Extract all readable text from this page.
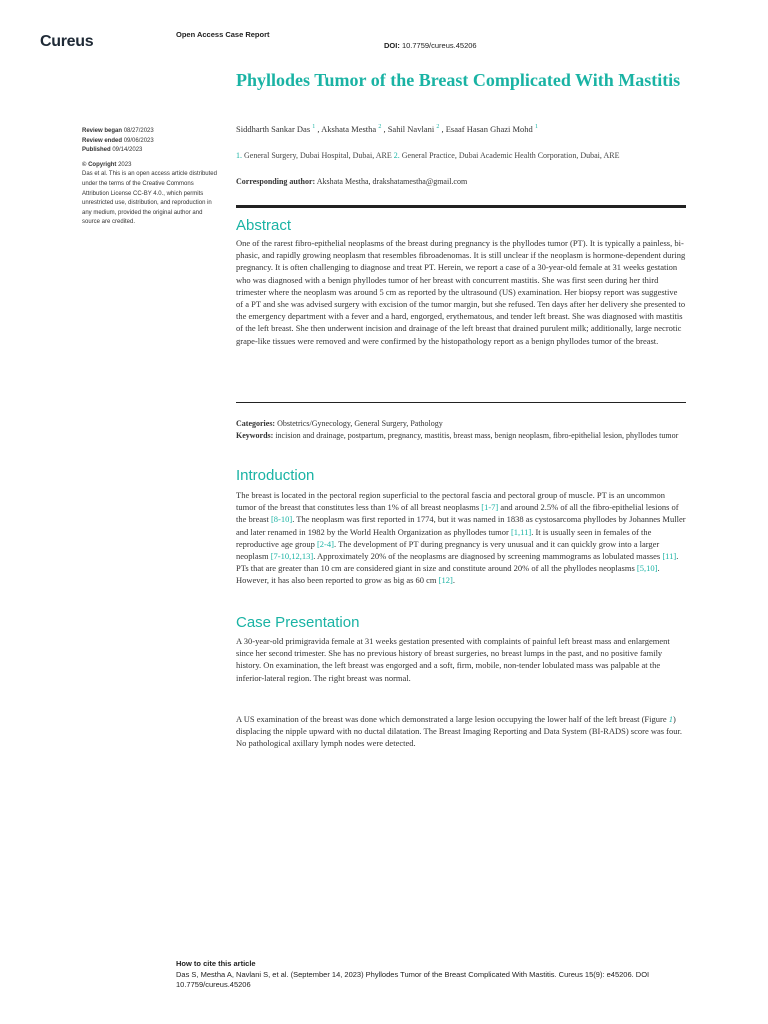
Cureus	Open Access Case Report
DOI: 10.7759/cureus.45206
Phyllodes Tumor of the Breast Complicated With Mastitis
Review began 08/27/2023
Review ended 09/06/2023
Published 09/14/2023
© Copyright 2023
Das et al. This is an open access article distributed under the terms of the Creative Commons Attribution License CC-BY 4.0., which permits unrestricted use, distribution, and reproduction in any medium, provided the original author and source are credited.
Siddharth Sankar Das $^1$ , Akshata Mestha $^2$ , Sahil Navlani $^2$ , Esaaf Hasan Ghazi Mohd $^1$
1. General Surgery, Dubai Hospital, Dubai, ARE 2. General Practice, Dubai Academic Health Corporation, Dubai, ARE
Corresponding author: Akshata Mestha, drakshatamestha@gmail.com
Abstract

One of the rarest fibro-epithelial neoplasms of the breast during pregnancy is the phyllodes tumor (PT). It is typically a painless, bi-phasic, and rapidly growing neoplasm that resembles fibroadenomas. It is still unclear if the neoplasm is hormone-dependent during pregnancy. It is often challenging to diagnose and treat PT. Herein, we report a case of a 30-year-old female at 31 weeks gestation who was diagnosed with a benign phyllodes tumor of her breast with concurrent mastitis. She was first seen during her third trimester where the neoplasm was around 5 cm as reported by the ultrasound (US) examination. Her biopsy report was suggestive of a PT and she was advised surgery with excision of the tumor margin, but she refused. Ten days after her delivery she presented to the emergency department with a fever and a hard, engorged, erythematous, and tender left breast. She was diagnosed with mastitis of the left breast. She then underwent incision and drainage of the left breast that drained purulent milk; additionally, large necrotic grape-like tissues were removed and were confirmed by the histopathology report as a benign phyllodes tumor of the breast.

Categories: Obstetrics/Gynecology, General Surgery, Pathology
Keywords: incision and drainage, postpartum, pregnancy, mastitis, breast mass, benign neoplasm, fibro-epithelial lesion, phyllodes tumor
Introduction

The breast is located in the pectoral region superficial to the pectoral fascia and pectoral group of muscle. PT is an uncommon tumor of the breast that constitutes less than 1% of all breast neoplasms [1-7] and around 2.5% of all the fibro-epithelial lesions of the breast [8-10]. The neoplasm was first reported in 1774, but it was named in 1838 as cystosarcoma phyllodes by Johannes Muller and later renamed in 1982 by the World Health Organization as phyllodes tumor [1,11]. It is usually seen in females of the reproductive age group [2-4]. The development of PT during pregnancy is very unusual and it can quickly grow into a larger neoplasm [7-10,12,13]. Approximately 20% of the neoplasms are diagnosed by screening mammograms as lobulated masses [11]. PTs that are greater than 10 cm are considered giant in size and constitute around 20% of all the phyllodes neoplasms [5,10]. However, it has also been reported to grow as big as 60 cm [12].

Case Presentation

A 30-year-old primigravida female at 31 weeks gestation presented with complaints of painful left breast mass and enlargement since her second trimester. She has no previous history of breast surgeries, no breast lumps in the past, and no positive family history. On examination, the left breast was engorged and a soft, firm, mobile, non-tender lobulated mass was palpable at the inferior-lateral region. The right breast was normal.

A US examination of the breast was done which demonstrated a large lesion occupying the lower half of the left breast (Figure 1) displacing the nipple upward with no ductal dilatation. The Breast Imaging Reporting and Data System (BI-RADS) score was four. No pathological axillary lymph nodes were detected.

How to cite this article
Das S, Mestha A, Navlani S, et al. (September 14, 2023) Phyllodes Tumor of the Breast Complicated With Mastitis. Cureus 15(9): e45206. DOI 10.7759/cureus.45206
